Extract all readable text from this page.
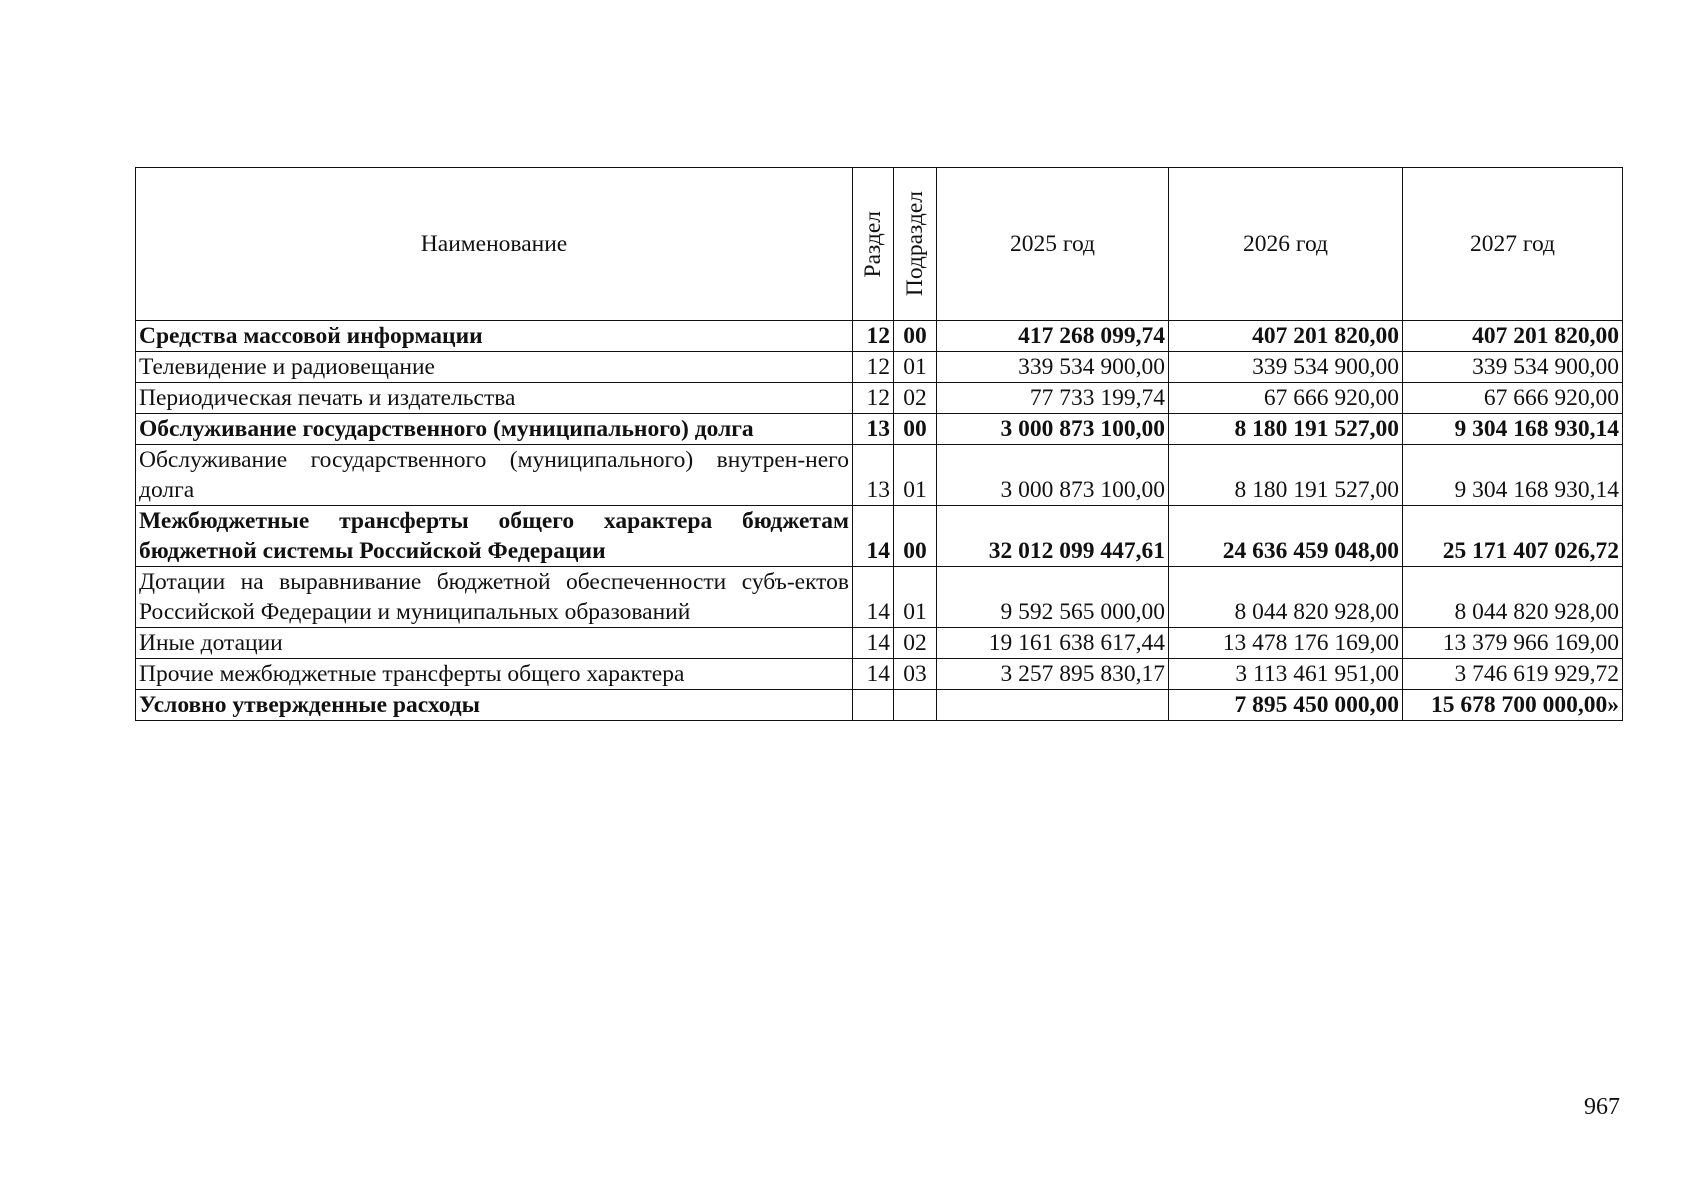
Наименование	Раздел	Подраздел	2025 год	2026 год	2027 год
Средства массовой информации	12	00	417 268 099,74	407 201 820,00	407 201 820,00
Телевидение и радиовещание	12	01	339 534 900,00	339 534 900,00	339 534 900,00
Периодическая печать и издательства	12	02	77 733 199,74	67 666 920,00	67 666 920,00
Обслуживание государственного (муниципального) долга	13	00	3 000 873 100,00	8 180 191 527,00	9 304 168 930,14
Обслуживание государственного (муниципального) внутрен-него долга	13	01	3 000 873 100,00	8 180 191 527,00	9 304 168 930,14
Межбюджетные трансферты общего характера бюджетам бюджетной системы Российской Федерации	14	00	32 012 099 447,61	24 636 459 048,00	25 171 407 026,72
Дотации на выравнивание бюджетной обеспеченности субъ-ектов Российской Федерации и муниципальных образований	14	01	9 592 565 000,00	8 044 820 928,00	8 044 820 928,00
Иные дотации	14	02	19 161 638 617,44	13 478 176 169,00	13 379 966 169,00
Прочие межбюджетные трансферты общего характера	14	03	3 257 895 830,17	3 113 461 951,00	3 746 619 929,72
Условно утвержденные расходы				7 895 450 000,00	15 678 700 000,00»
967
